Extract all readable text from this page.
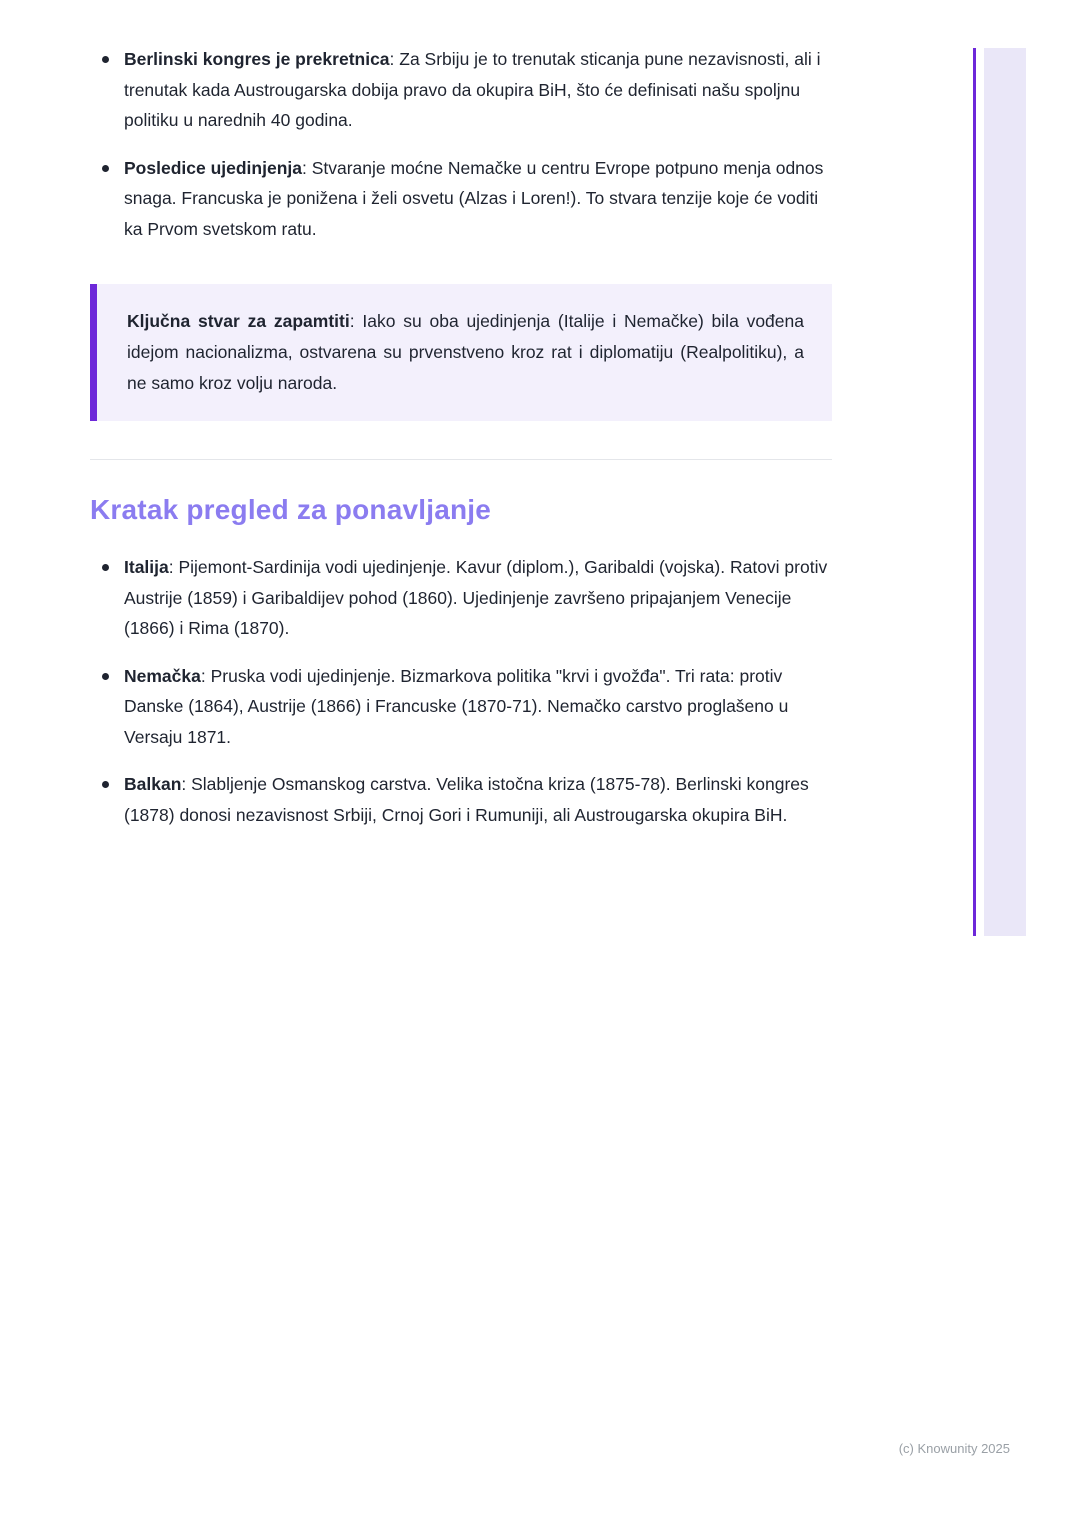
Berlinski kongres je prekretnica: Za Srbiju je to trenutak sticanja pune nezavisnosti, ali i trenutak kada Austrougarska dobija pravo da okupira BiH, što će definisati našu spoljnu politiku u narednih 40 godina.
Posledice ujedinjenja: Stvaranje moćne Nemačke u centru Evrope potpuno menja odnos snaga. Francuska je ponižena i želi osvetu (Alzas i Loren!). To stvara tenzije koje će voditi ka Prvom svetskom ratu.
Ključna stvar za zapamtiti: Iako su oba ujedinjenja (Italije i Nemačke) bila vođena idejom nacionalizma, ostvarena su prvenstveno kroz rat i diplomatiju (Realpolitiku), a ne samo kroz volju naroda.
Kratak pregled za ponavljanje
Italija: Pijemont-Sardinija vodi ujedinjenje. Kavur (diplom.), Garibaldi (vojska). Ratovi protiv Austrije (1859) i Garibaldijev pohod (1860). Ujedinjenje završeno pripajanjem Venecije (1866) i Rima (1870).
Nemačka: Pruska vodi ujedinjenje. Bizmarkova politika "krvi i gvožđa". Tri rata: protiv Danske (1864), Austrije (1866) i Francuske (1870-71). Nemačko carstvo proglašeno u Versaju 1871.
Balkan: Slabljenje Osmanskog carstva. Velika istočna kriza (1875-78). Berlinski kongres (1878) donosi nezavisnost Srbiji, Crnoj Gori i Rumuniji, ali Austrougarska okupira BiH.
(c) Knowunity 2025
